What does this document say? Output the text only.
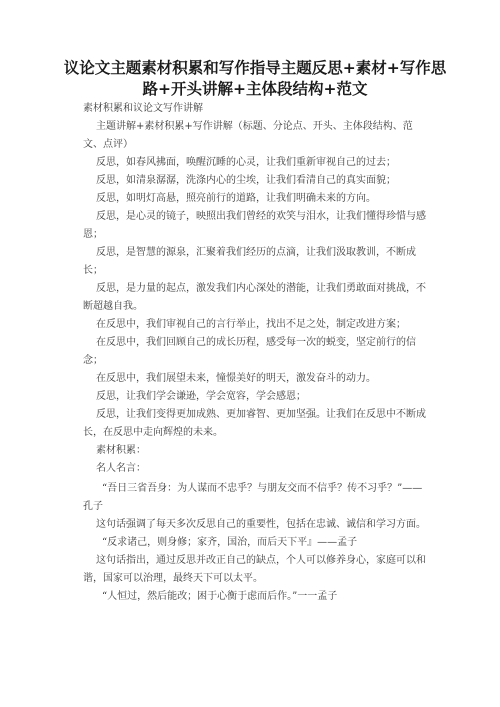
议论文主题素材积累和写作指导主题反思+素材+写作思路+开头讲解+主体段结构+范文

素材积累和议论文写作讲解

主题讲解+素材积累+写作讲解（标题、分论点、开头、主体段结构、范文、点评）

反思，如春风拂面，唤醒沉睡的心灵，让我们重新审视自己的过去；

反思，如清泉潺潺，洗涤内心的尘埃，让我们看清自己的真实面貌；

反思，如明灯高悬，照亮前行的道路，让我们明确未来的方向。

反思，是心灵的镜子，映照出我们曾经的欢笑与泪水，让我们懂得珍惜与感恩；

反思，是智慧的源泉，汇聚着我们经历的点滴，让我们汲取教训，不断成长；

反思，是力量的起点，激发我们内心深处的潜能，让我们勇敢面对挑战，不断超越自我。

在反思中，我们审视自己的言行举止，找出不足之处，制定改进方案；

在反思中，我们回顾自己的成长历程，感受每一次的蜕变，坚定前行的信念；

在反思中，我们展望未来，憧憬美好的明天，激发奋斗的动力。

反思，让我们学会谦逊，学会宽容，学会感恩；

反思，让我们变得更加成熟、更加睿智、更加坚强。让我们在反思中不断成长，在反思中走向辉煌的未来。

素材积累：

名人名言：

“吾日三省吾身：为人谋而不忠乎？与朋友交而不信乎？传不习乎？”——孔子

这句话强调了每天多次反思自己的重要性，包括在忠诚、诚信和学习方面。

“反求诸己，则身修；家齐，国治，而后天下平』——孟子

这句话指出，通过反思并改正自己的缺点，个人可以修养身心，家庭可以和谐，国家可以治理，最终天下可以太平。

“人恒过，然后能改；困于心衡于虑而后作。”一一孟子
